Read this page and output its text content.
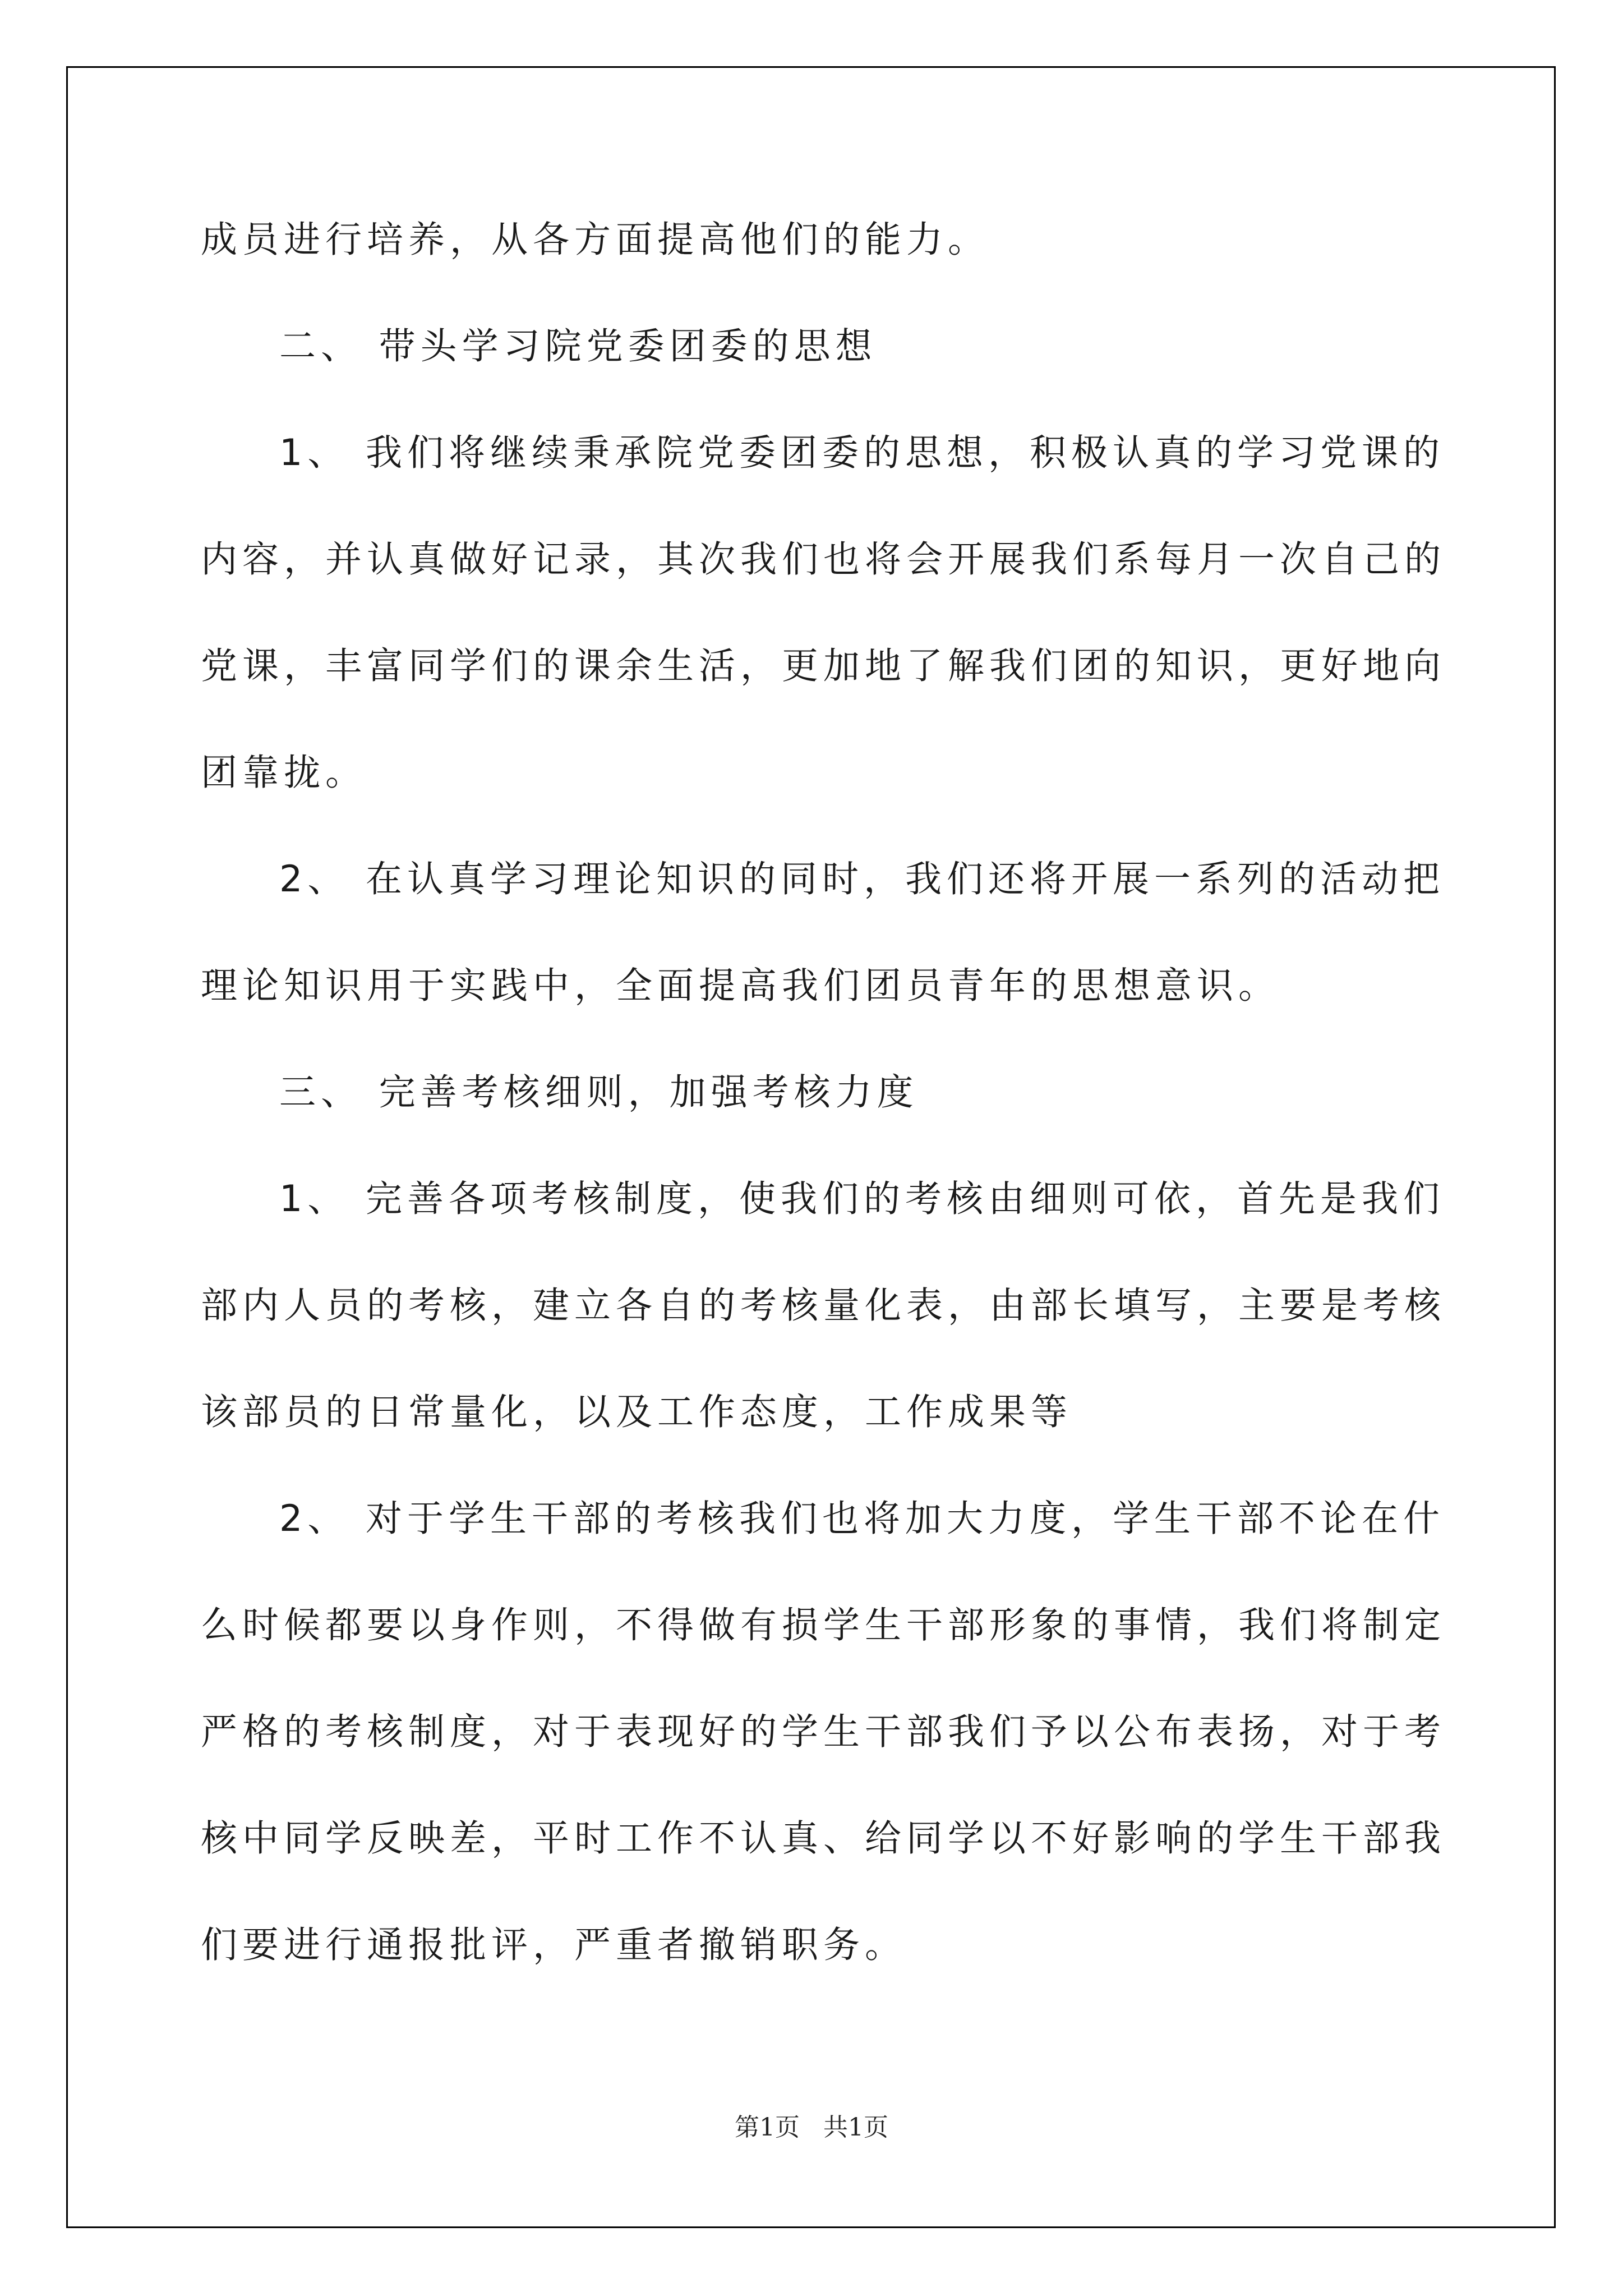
成员进行培养，从各方面提高他们的能力。
二、 带头学习院党委团委的思想
1、 我们将继续秉承院党委团委的思想，积极认真的学习党课的
内容，并认真做好记录，其次我们也将会开展我们系每月一次自己的
党课，丰富同学们的课余生活，更加地了解我们团的知识，更好地向
团靠拢。
2、 在认真学习理论知识的同时，我们还将开展一系列的活动把
理论知识用于实践中，全面提高我们团员青年的思想意识。
三、 完善考核细则，加强考核力度
1、 完善各项考核制度，使我们的考核由细则可依，首先是我们
部内人员的考核，建立各自的考核量化表，由部长填写，主要是考核
该部员的日常量化，以及工作态度，工作成果等
2、 对于学生干部的考核我们也将加大力度，学生干部不论在什
么时候都要以身作则，不得做有损学生干部形象的事情，我们将制定
严格的考核制度，对于表现好的学生干部我们予以公布表扬，对于考
核中同学反映差，平时工作不认真、给同学以不好影响的学生干部我
们要进行通报批评，严重者撤销职务。
第1页 共1页
